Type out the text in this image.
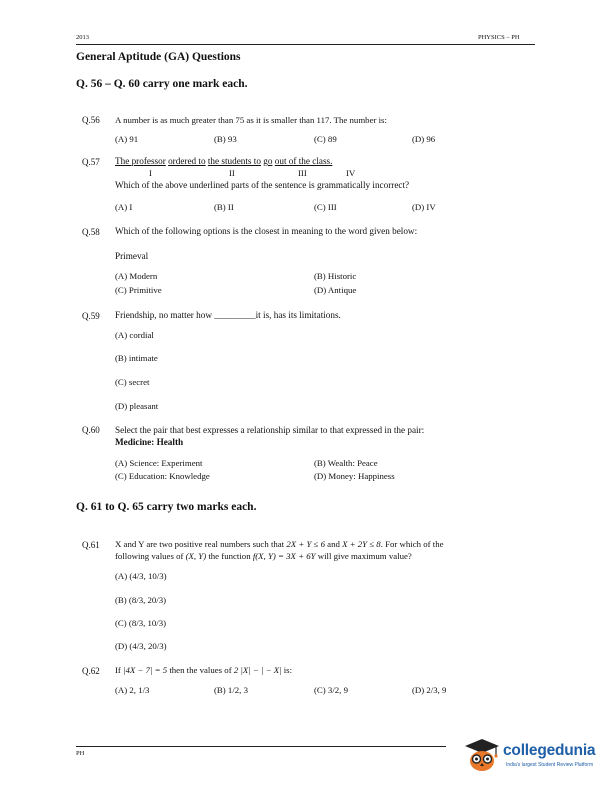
2013	PHYSICS – PH
General Aptitude (GA) Questions
Q. 56 – Q. 60 carry one mark each.
Q.56 A number is as much greater than 75 as it is smaller than 117. The number is:
(A) 91	(B) 93	(C) 89	(D) 96
Q.57 The professor ordered to the students to go out of the class.
I	II	III	IV
Which of the above underlined parts of the sentence is grammatically incorrect?
(A) I	(B) II	(C) III	(D) IV
Q.58 Which of the following options is the closest in meaning to the word given below:
Primeval
(A) Modern	(B) Historic
(C) Primitive	(D) Antique
Q.59 Friendship, no matter how _________it is, has its limitations.
(A) cordial
(B) intimate
(C) secret
(D) pleasant
Q.60 Select the pair that best expresses a relationship similar to that expressed in the pair:
Medicine: Health
(A) Science: Experiment	(B) Wealth: Peace
(C) Education: Knowledge	(D) Money: Happiness
Q. 61 to Q. 65 carry two marks each.
Q.61 X and Y are two positive real numbers such that 2X + Y ≤ 6 and X + 2Y ≤ 8. For which of the
following values of (X, Y) the function f(X, Y) = 3X + 6Y will give maximum value?
(A) (4/3, 10/3)
(B) (8/3, 20/3)
(C) (8/3, 10/3)
(D) (4/3, 20/3)
Q.62 If |4X − 7| = 5 then the values of 2 |X| − | − X| is:
(A) 2, 1/3	(B) 1/2, 3	(C) 3/2, 9	(D) 2/3, 9
PH	collegedunia
India's largest Student Review Platform
